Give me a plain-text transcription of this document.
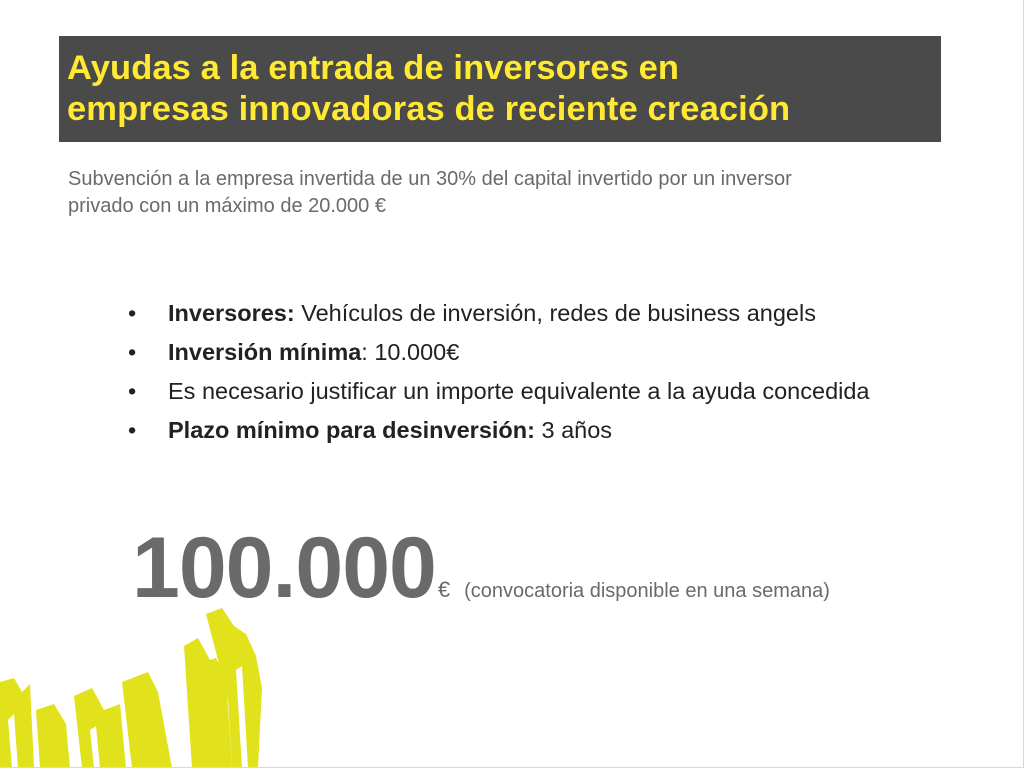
Ayudas a la entrada de inversores en
empresas innovadoras de reciente creación

Subvención a la empresa invertida de un 30% del capital invertido por un inversor
privado con un máximo de 20.000 €

• Inversores: Vehículos de inversión, redes de business angels
• Inversión mínima: 10.000€
• Es necesario justificar un importe equivalente a la ayuda concedida
• Plazo mínimo para desinversión: 3 años
100.000€ (convocatoria disponible en una semana)
